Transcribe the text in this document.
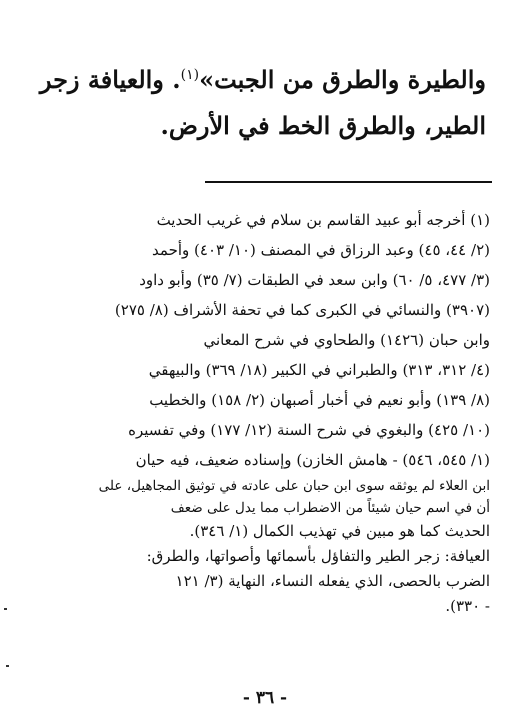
والطيرة والطرق من الجبت»$^{(١)}$. والعيافة زجر
الطير، والطرق الخط في الأرض.
(١) أخرجه أبو عبيد القاسم بن سلام في غريب الحديث
(٢/ ٤٤، ٤٥) وعبد الرزاق في المصنف (١٠/ ٤٠٣) وأحمد
(٣/ ٤٧٧، ٥/ ٦٠) وابن سعد في الطبقات (٧/ ٣٥) وأبو داود
(٣٩٠٧) والنسائي في الكبرى كما في تحفة الأشراف (٨/ ٢٧٥)
وابن حبان (١٤٢٦) والطحاوي في شرح المعاني
(٤/ ٣١٢، ٣١٣) والطبراني في الكبير (١٨/ ٣٦٩) والبيهقي
(٨/ ١٣٩) وأبو نعيم في أخبار أصبهان (٢/ ١٥٨) والخطيب
(١٠/ ٤٢٥) والبغوي في شرح السنة (١٢/ ١٧٧) وفي تفسيره
(١/ ٥٤٥، ٥٤٦) - هامش الخازن) وإسناده ضعيف، فيه حيان
ابن العلاء لم يوثقه سوى ابن حبان على عادته في توثيق المجاهيل، على
أن في اسم حيان شيئاً من الاضطراب مما يدل على ضعف
الحديث كما هو مبين في تهذيب الكمال (١/ ٣٤٦).
العيافة: زجر الطير والتفاؤل بأسمائها وأصواتها، والطرق:
الضرب بالحصى، الذي يفعله النساء، النهاية (٣/ ١٢١
- ٣٣٠).
- ٣٦ -
